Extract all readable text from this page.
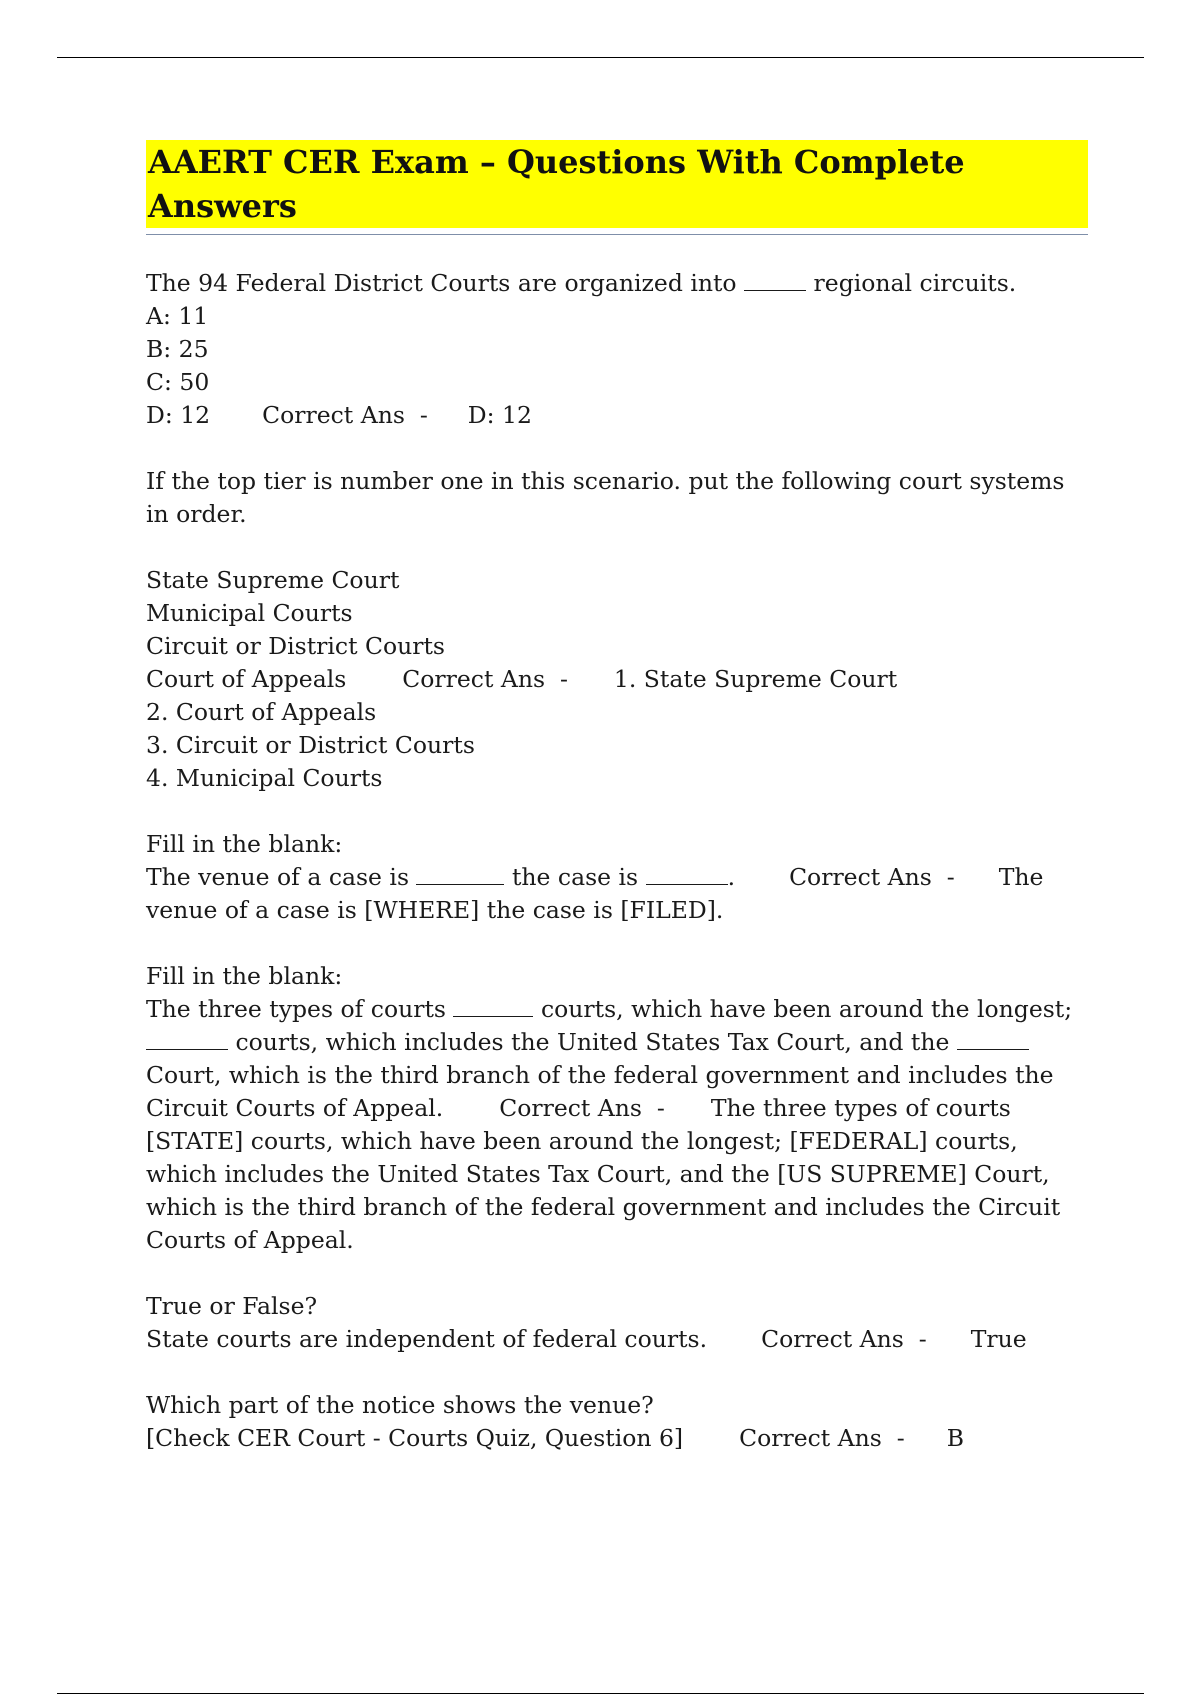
AAERT CER Exam – Questions With Complete Answers
The 94 Federal District Courts are organized into	regional circuits.
A: 11
B: 25
C: 50
D: 12 Correct Ans  - D: 12
If the top tier is number one in this scenario. put the following court systems
in order.
State Supreme Court
Municipal Courts
Circuit or District Courts
Court of Appeals Correct Ans  - 1. State Supreme Court
2. Court of Appeals
3. Circuit or District Courts
4. Municipal Courts
Fill in the blank:
The venue of a case is	the case is	. Correct Ans  - The
venue of a case is [WHERE] the case is [FILED].
Fill in the blank:
The three types of courts	courts, which have been around the longest;
courts, which includes the United States Tax Court, and the
Court, which is the third branch of the federal government and includes the
Circuit Courts of Appeal. Correct Ans  - The three types of courts
[STATE] courts, which have been around the longest; [FEDERAL] courts,
which includes the United States Tax Court, and the [US SUPREME] Court,
which is the third branch of the federal government and includes the Circuit
Courts of Appeal.
True or False?
State courts are independent of federal courts. Correct Ans  - True
Which part of the notice shows the venue?
[Check CER Court - Courts Quiz, Question 6] Correct Ans  - B
